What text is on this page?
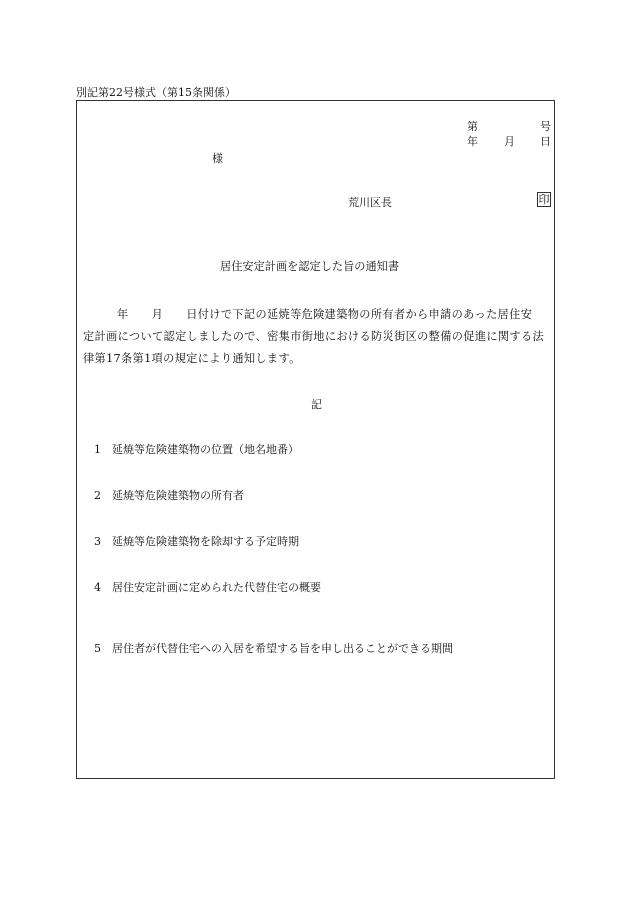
別記第22号様式（第15条関係）
第	号
年 月 日
様
荒川区長	印
居住安定計画を認定した旨の通知書
年　　月　　日付けで下記の延焼等危険建築物の所有者から申請のあった居住安
定計画について認定しましたので、密集市街地における防災街区の整備の促進に関する法
律第17条第1項の規定により通知します。
記
1 延焼等危険建築物の位置（地名地番）
2 延焼等危険建築物の所有者
3 延焼等危険建築物を除却する予定時期
4 居住安定計画に定められた代替住宅の概要
5 居住者が代替住宅への入居を希望する旨を申し出ることができる期間
